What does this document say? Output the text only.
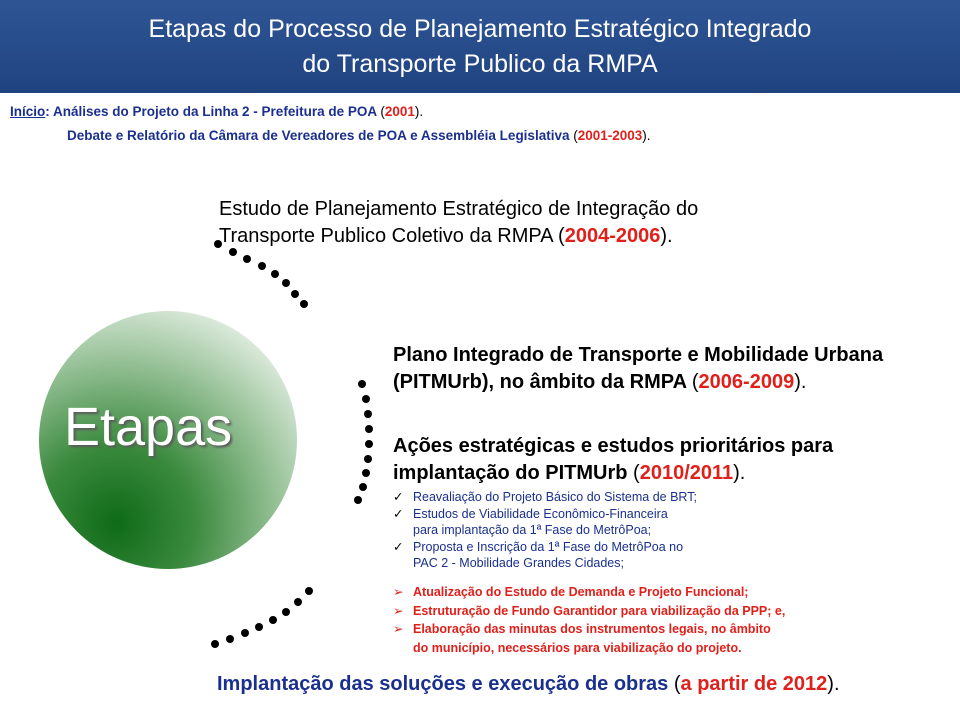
Etapas do Processo de Planejamento Estratégico Integrado
do Transporte Publico da RMPA
Início: Análises do Projeto da Linha 2 - Prefeitura de POA (2001).
Debate e Relatório da Câmara de Vereadores de POA e Assembléia Legislativa (2001-2003).
Etapas
Estudo de Planejamento Estratégico de Integração do
Transporte Publico Coletivo da RMPA (2004-2006).
Plano Integrado de Transporte e Mobilidade Urbana
(PITMUrb), no âmbito da RMPA (2006-2009).
Ações estratégicas e estudos prioritários para
implantação do PITMUrb (2010/2011).
✓ Reavaliação do Projeto Básico do Sistema de BRT;
✓ Estudos de Viabilidade Econômico-Financeira
para implantação da 1ª Fase do MetrôPoa;
✓ Proposta e Inscrição da 1ª Fase do MetrôPoa no
PAC 2 - Mobilidade Grandes Cidades;
➢ Atualização do Estudo de Demanda e Projeto Funcional;
➢ Estruturação de Fundo Garantidor para viabilização da PPP; e,
➢ Elaboração das minutas dos instrumentos legais, no âmbito
do município, necessários para viabilização do projeto.
Implantação das soluções e execução de obras (a partir de 2012).
